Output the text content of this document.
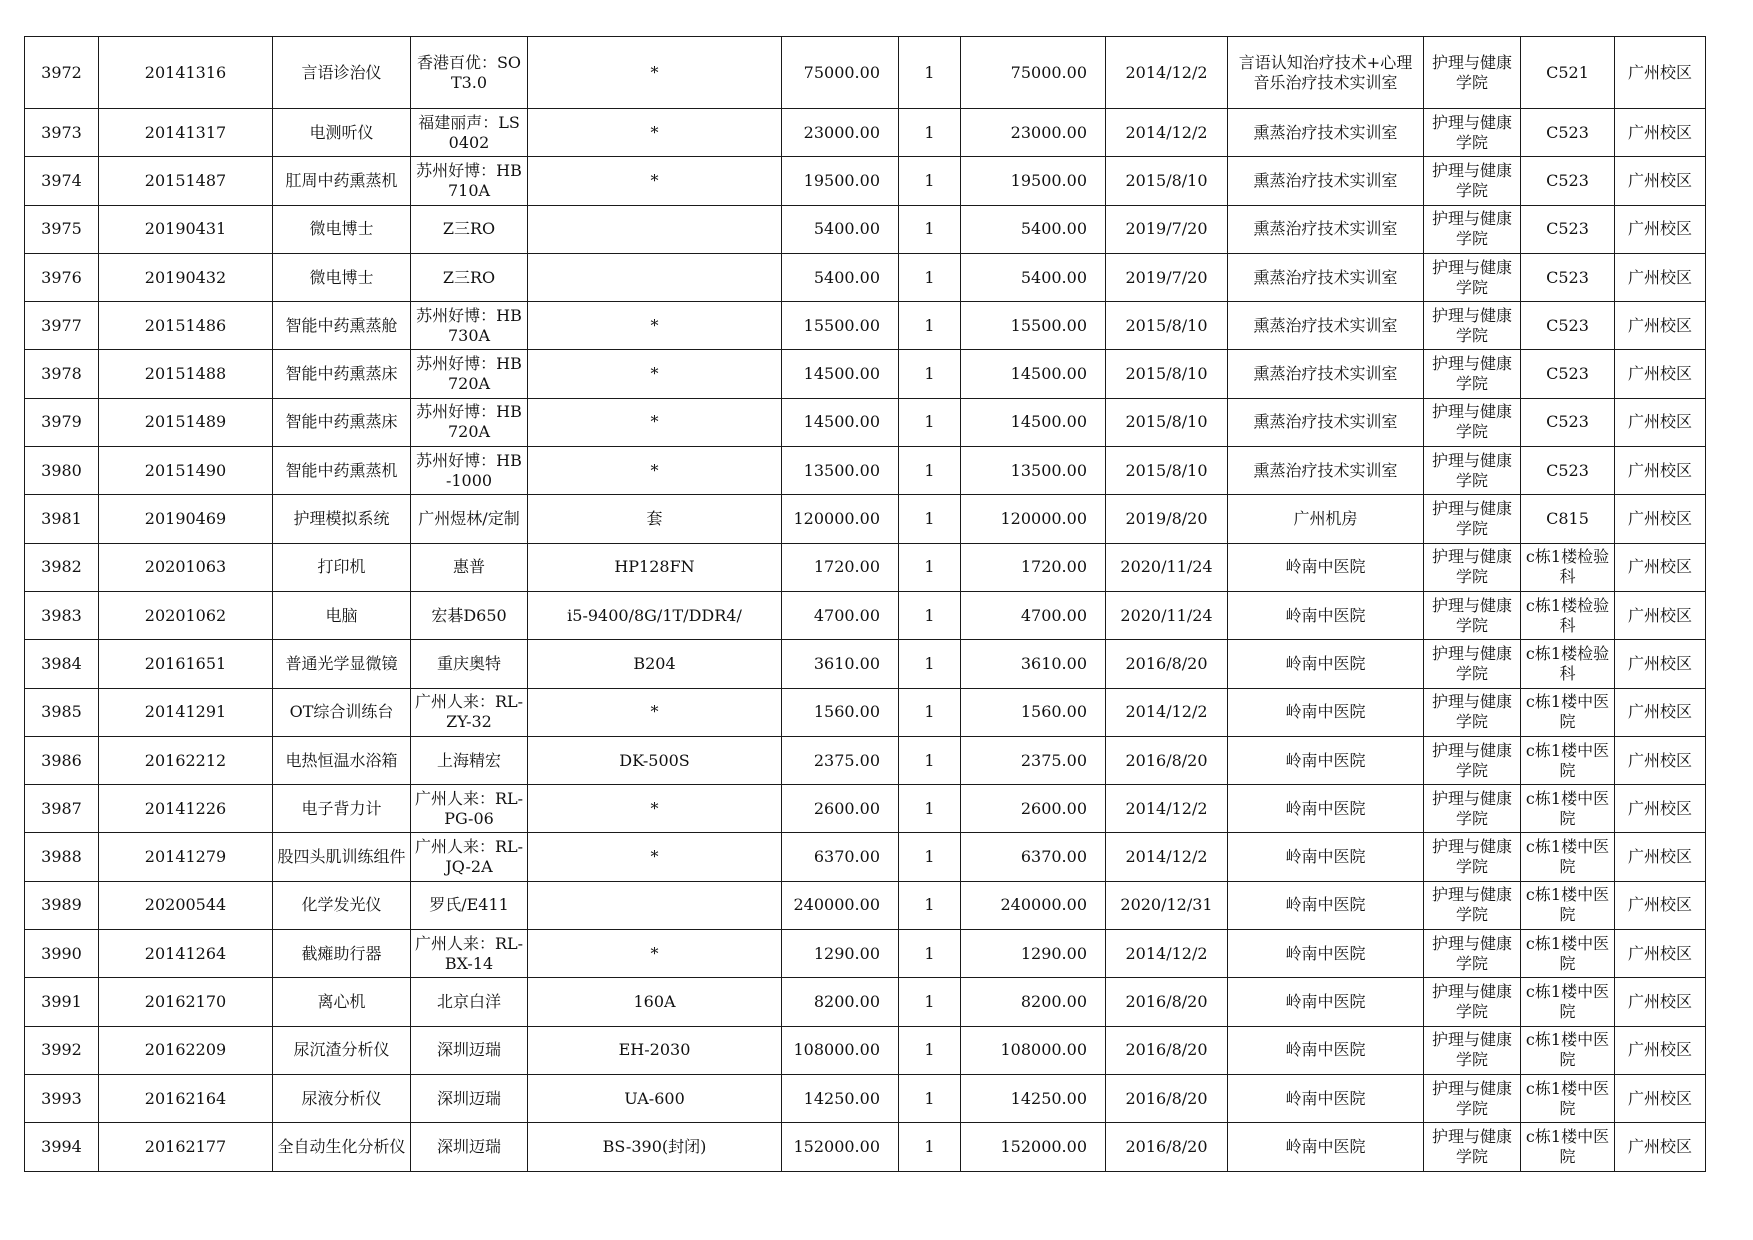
3972	20141316	言语诊治仪	香港百优：SOT3.0	*	75000.00	1	75000.00	2014/12/2	言语认知治疗技术+心理音乐治疗技术实训室	护理与健康学院	C521	广州校区
3973	20141317	电测听仪	福建丽声：LS0402	*	23000.00	1	23000.00	2014/12/2	熏蒸治疗技术实训室	护理与健康学院	C523	广州校区
3974	20151487	肛周中药熏蒸机	苏州好博：HB710A	*	19500.00	1	19500.00	2015/8/10	熏蒸治疗技术实训室	护理与健康学院	C523	广州校区
3975	20190431	微电博士	Z三RO		5400.00	1	5400.00	2019/7/20	熏蒸治疗技术实训室	护理与健康学院	C523	广州校区
3976	20190432	微电博士	Z三RO		5400.00	1	5400.00	2019/7/20	熏蒸治疗技术实训室	护理与健康学院	C523	广州校区
3977	20151486	智能中药熏蒸舱	苏州好博：HB730A	*	15500.00	1	15500.00	2015/8/10	熏蒸治疗技术实训室	护理与健康学院	C523	广州校区
3978	20151488	智能中药熏蒸床	苏州好博：HB720A	*	14500.00	1	14500.00	2015/8/10	熏蒸治疗技术实训室	护理与健康学院	C523	广州校区
3979	20151489	智能中药熏蒸床	苏州好博：HB720A	*	14500.00	1	14500.00	2015/8/10	熏蒸治疗技术实训室	护理与健康学院	C523	广州校区
3980	20151490	智能中药熏蒸机	苏州好博：HB-1000	*	13500.00	1	13500.00	2015/8/10	熏蒸治疗技术实训室	护理与健康学院	C523	广州校区
3981	20190469	护理模拟系统	广州煜林/定制	套	120000.00	1	120000.00	2019/8/20	广州机房	护理与健康学院	C815	广州校区
3982	20201063	打印机	惠普	HP128FN	1720.00	1	1720.00	2020/11/24	岭南中医院	护理与健康学院	c栋1楼检验科	广州校区
3983	20201062	电脑	宏碁D650	i5-9400/8G/1T/DDR4/	4700.00	1	4700.00	2020/11/24	岭南中医院	护理与健康学院	c栋1楼检验科	广州校区
3984	20161651	普通光学显微镜	重庆奥特	B204	3610.00	1	3610.00	2016/8/20	岭南中医院	护理与健康学院	c栋1楼检验科	广州校区
3985	20141291	OT综合训练台	广州人来：RL-ZY-32	*	1560.00	1	1560.00	2014/12/2	岭南中医院	护理与健康学院	c栋1楼中医院	广州校区
3986	20162212	电热恒温水浴箱	上海精宏	DK-500S	2375.00	1	2375.00	2016/8/20	岭南中医院	护理与健康学院	c栋1楼中医院	广州校区
3987	20141226	电子背力计	广州人来：RL-PG-06	*	2600.00	1	2600.00	2014/12/2	岭南中医院	护理与健康学院	c栋1楼中医院	广州校区
3988	20141279	股四头肌训练组件	广州人来：RL-JQ-2A	*	6370.00	1	6370.00	2014/12/2	岭南中医院	护理与健康学院	c栋1楼中医院	广州校区
3989	20200544	化学发光仪	罗氏/E411		240000.00	1	240000.00	2020/12/31	岭南中医院	护理与健康学院	c栋1楼中医院	广州校区
3990	20141264	截瘫助行器	广州人来：RL-BX-14	*	1290.00	1	1290.00	2014/12/2	岭南中医院	护理与健康学院	c栋1楼中医院	广州校区
3991	20162170	离心机	北京白洋	160A	8200.00	1	8200.00	2016/8/20	岭南中医院	护理与健康学院	c栋1楼中医院	广州校区
3992	20162209	尿沉渣分析仪	深圳迈瑞	EH-2030	108000.00	1	108000.00	2016/8/20	岭南中医院	护理与健康学院	c栋1楼中医院	广州校区
3993	20162164	尿液分析仪	深圳迈瑞	UA-600	14250.00	1	14250.00	2016/8/20	岭南中医院	护理与健康学院	c栋1楼中医院	广州校区
3994	20162177	全自动生化分析仪	深圳迈瑞	BS-390(封闭)	152000.00	1	152000.00	2016/8/20	岭南中医院	护理与健康学院	c栋1楼中医院	广州校区
